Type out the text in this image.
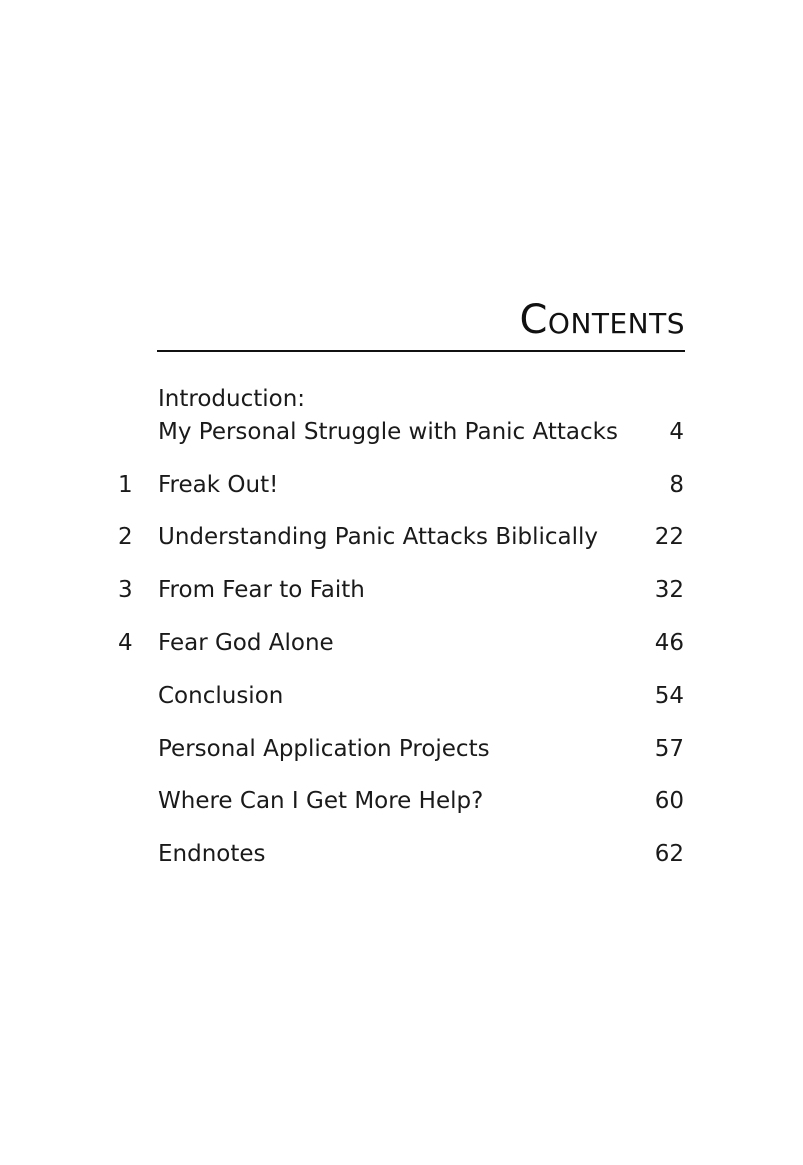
Contents
Introduction:
My Personal Struggle with Panic Attacks 4
1 Freak Out!	8
2 Understanding Panic Attacks Biblically 22
3 From Fear to Faith	32
4 Fear God Alone	46
Conclusion	54
Personal Application Projects	57
Where Can I Get More Help?	60
Endnotes	62
